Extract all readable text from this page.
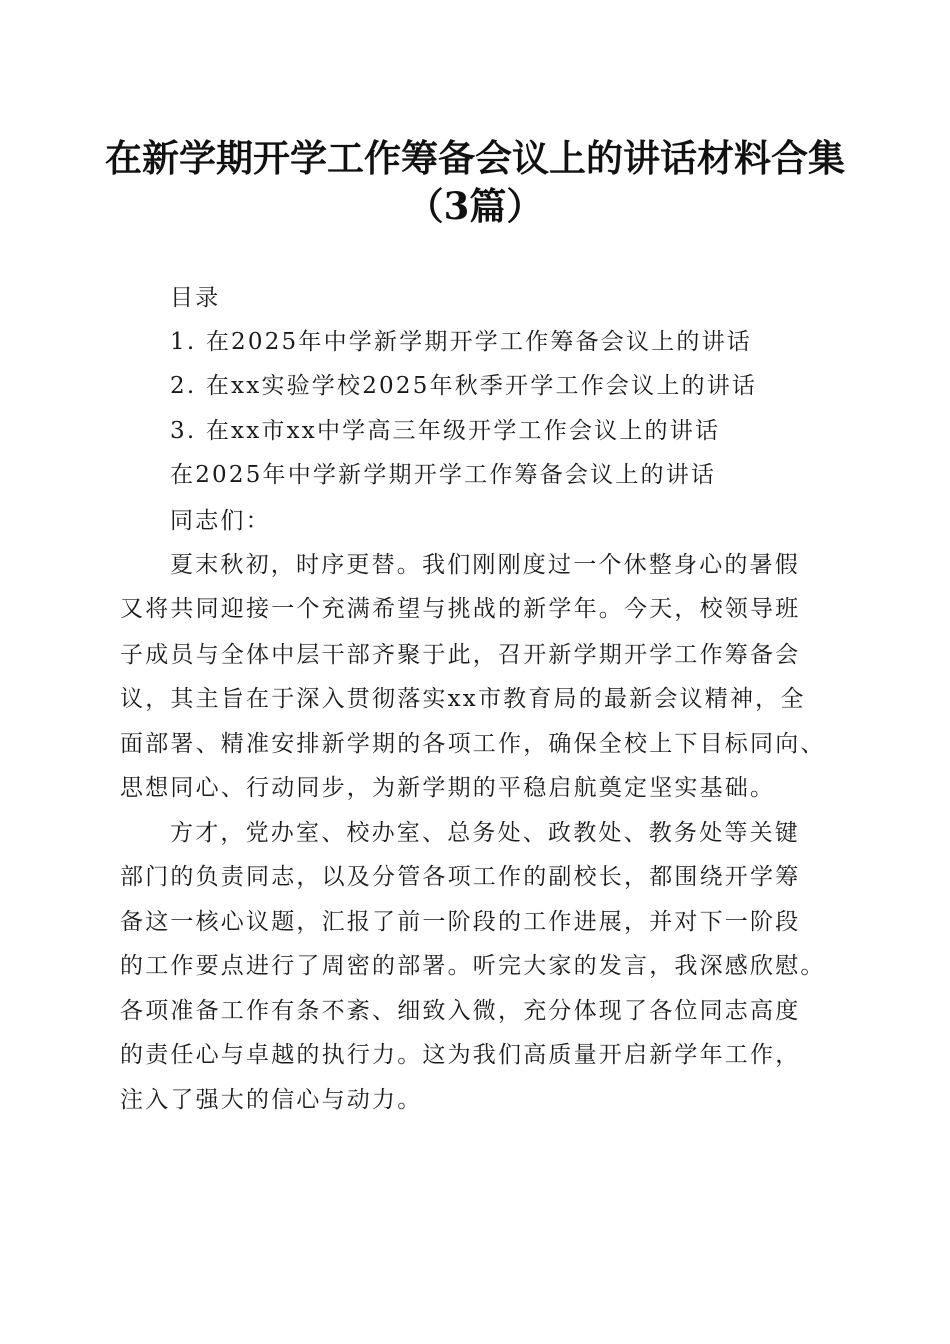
在新学期开学工作筹备会议上的讲话材料合集
（3篇）

目录

1. 在2025年中学新学期开学工作筹备会议上的讲话

2. 在xx实验学校2025年秋季开学工作会议上的讲话

3. 在xx市xx中学高三年级开学工作会议上的讲话

在2025年中学新学期开学工作筹备会议上的讲话

同志们：

夏末秋初，时序更替。我们刚刚度过一个休整身心的暑假

又将共同迎接一个充满希望与挑战的新学年。今天，校领导班

子成员与全体中层干部齐聚于此，召开新学期开学工作筹备会

议，其主旨在于深入贯彻落实xx市教育局的最新会议精神，全

面部署、精准安排新学期的各项工作，确保全校上下目标同向、

思想同心、行动同步，为新学期的平稳启航奠定坚实基础。

方才，党办室、校办室、总务处、政教处、教务处等关键

部门的负责同志，以及分管各项工作的副校长，都围绕开学筹

备这一核心议题，汇报了前一阶段的工作进展，并对下一阶段

的工作要点进行了周密的部署。听完大家的发言，我深感欣慰。

各项准备工作有条不紊、细致入微，充分体现了各位同志高度

的责任心与卓越的执行力。这为我们高质量开启新学年工作，

注入了强大的信心与动力。
